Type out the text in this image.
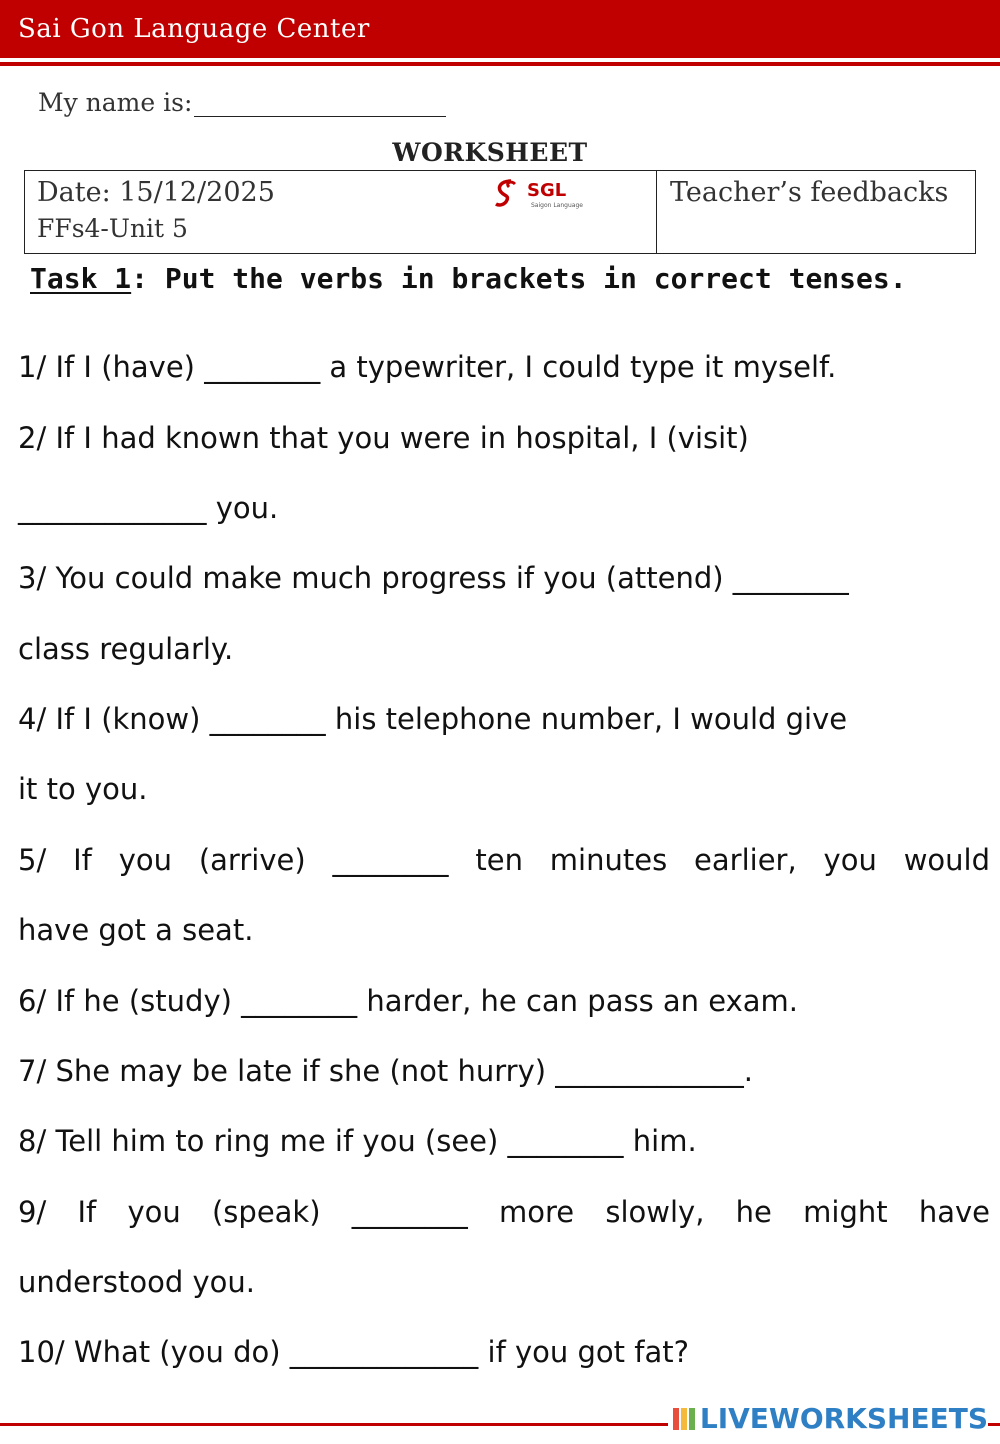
Sai Gon Language Center
My name is:
WORKSHEET
Date: 15/12/2025
FFs4-Unit 5
SGL
Saigon Language	Teacher’s feedbacks
Task 1: Put the verbs in brackets in correct tenses.
1/ If I (have) ________ a typewriter, I could type it myself.
2/ If I had known that you were in hospital, I (visit)
_____________ you.
3/ You could make much progress if you (attend) ________
class regularly.
4/ If I (know) ________ his telephone number, I would give
it to you.
5/ If you (arrive) ________ ten minutes earlier, you would
have got a seat.
6/ If he (study) ________ harder, he can pass an exam.
7/ She may be late if she (not hurry) _____________.
8/ Tell him to ring me if you (see) ________ him.
9/ If you (speak) ________ more slowly, he might have
understood you.
10/ What (you do) _____________ if you got fat?
LIVEWORKSHEETS
